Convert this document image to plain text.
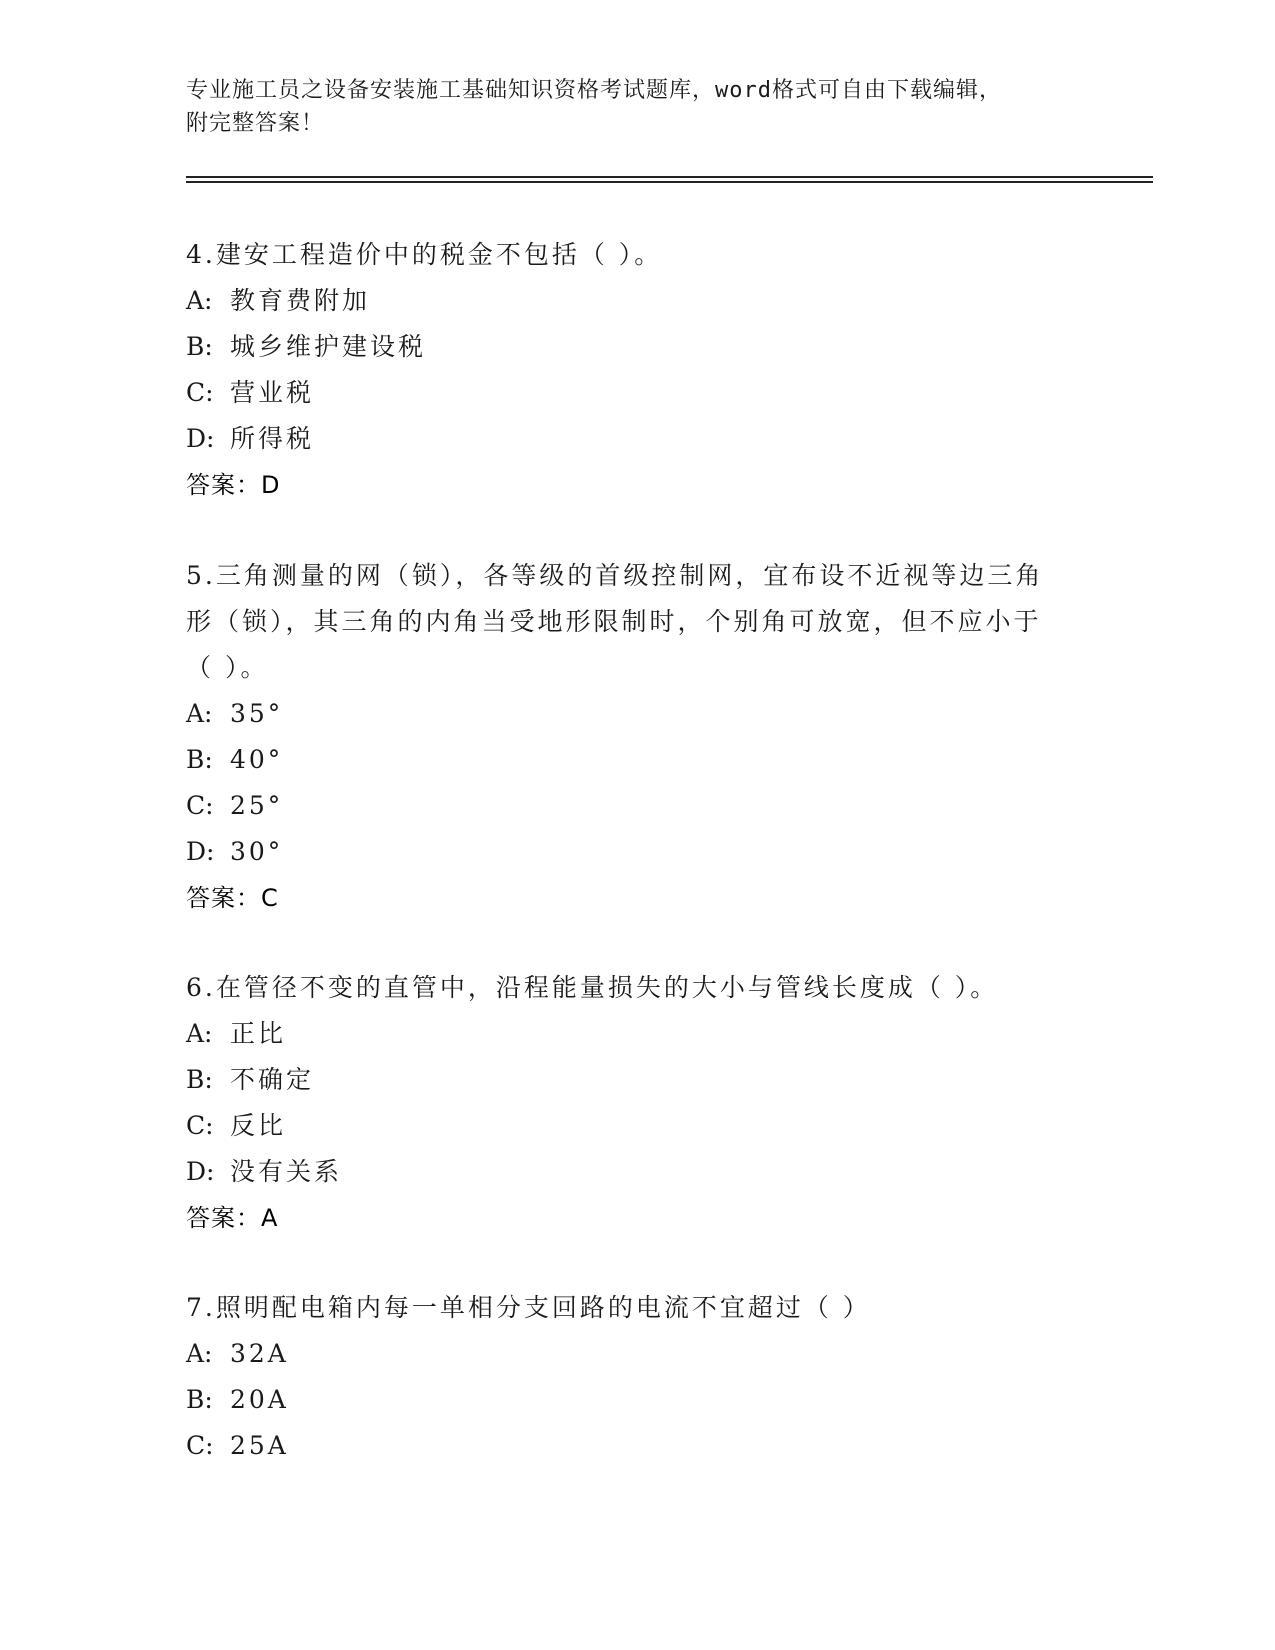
专业施工员之设备安装施工基础知识资格考试题库，word格式可自由下载编辑，
附完整答案！
4.建安工程造价中的税金不包括（ ）。
A: 教育费附加
B: 城乡维护建设税
C: 营业税
D: 所得税
答案：D
5.三角测量的网（锁），各等级的首级控制网，宜布设不近视等边三角形（锁），其三角的内角当受地形限制时，个别角可放宽，但不应小于（ ）。
A: 35°
B: 40°
C: 25°
D: 30°
答案：C
6.在管径不变的直管中，沿程能量损失的大小与管线长度成（ ）。
A: 正比
B: 不确定
C: 反比
D: 没有关系
答案：A
7.照明配电箱内每一单相分支回路的电流不宜超过（ ）
A: 32A
B: 20A
C: 25A
